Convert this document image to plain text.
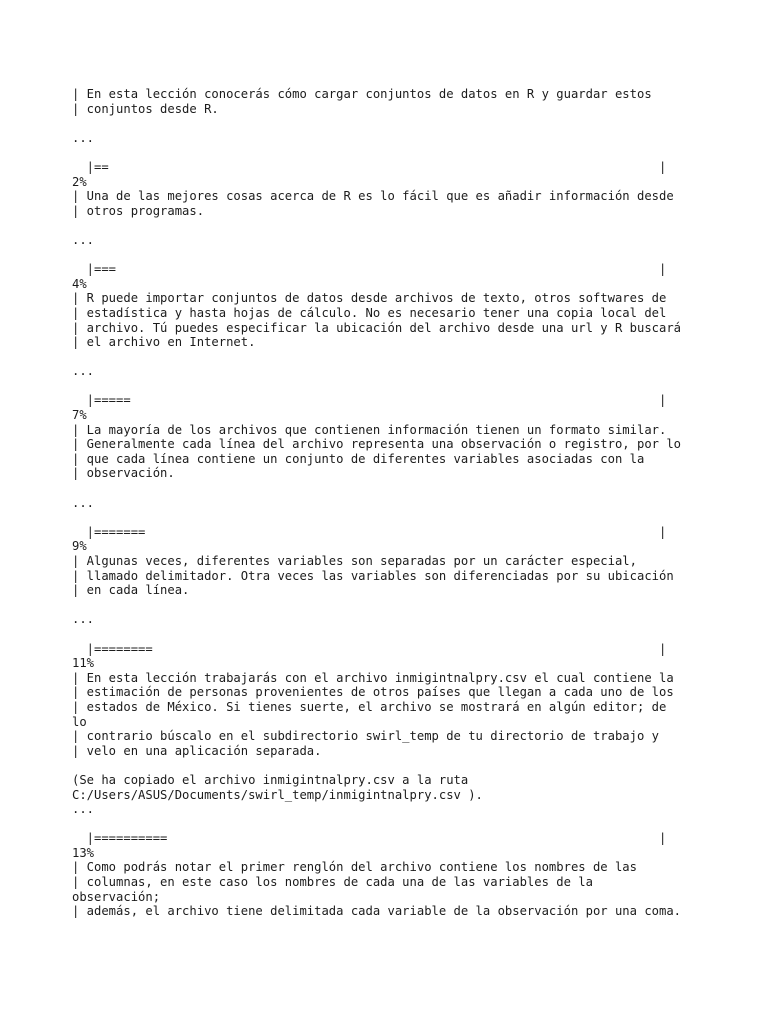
| En esta lección conocerás cómo cargar conjuntos de datos en R y guardar estos
| conjuntos desde R.
...
|==	|
2%
| Una de las mejores cosas acerca de R es lo fácil que es añadir información desde
| otros programas.
...
|===	|
4%
| R puede importar conjuntos de datos desde archivos de texto, otros softwares de
| estadística y hasta hojas de cálculo. No es necesario tener una copia local del
| archivo. Tú puedes especificar la ubicación del archivo desde una url y R buscará
| el archivo en Internet.
...
|=====	|
7%
| La mayoría de los archivos que contienen información tienen un formato similar.
| Generalmente cada línea del archivo representa una observación o registro, por lo
| que cada línea contiene un conjunto de diferentes variables asociadas con la
| observación.
...
|=======	|
9%
| Algunas veces, diferentes variables son separadas por un carácter especial,
| llamado delimitador. Otra veces las variables son diferenciadas por su ubicación
| en cada línea.
...
|========	|
11%
| En esta lección trabajarás con el archivo inmigintnalpry.csv el cual contiene la
| estimación de personas provenientes de otros países que llegan a cada uno de los
| estados de México. Si tienes suerte, el archivo se mostrará en algún editor; de
lo
| contrario búscalo en el subdirectorio swirl_temp de tu directorio de trabajo y
| velo en una aplicación separada.
(Se ha copiado el archivo inmigintnalpry.csv a la ruta
C:/Users/ASUS/Documents/swirl_temp/inmigintnalpry.csv ).
...
|==========	|
13%
| Como podrás notar el primer renglón del archivo contiene los nombres de las
| columnas, en este caso los nombres de cada una de las variables de la
observación;
| además, el archivo tiene delimitada cada variable de la observación por una coma.
